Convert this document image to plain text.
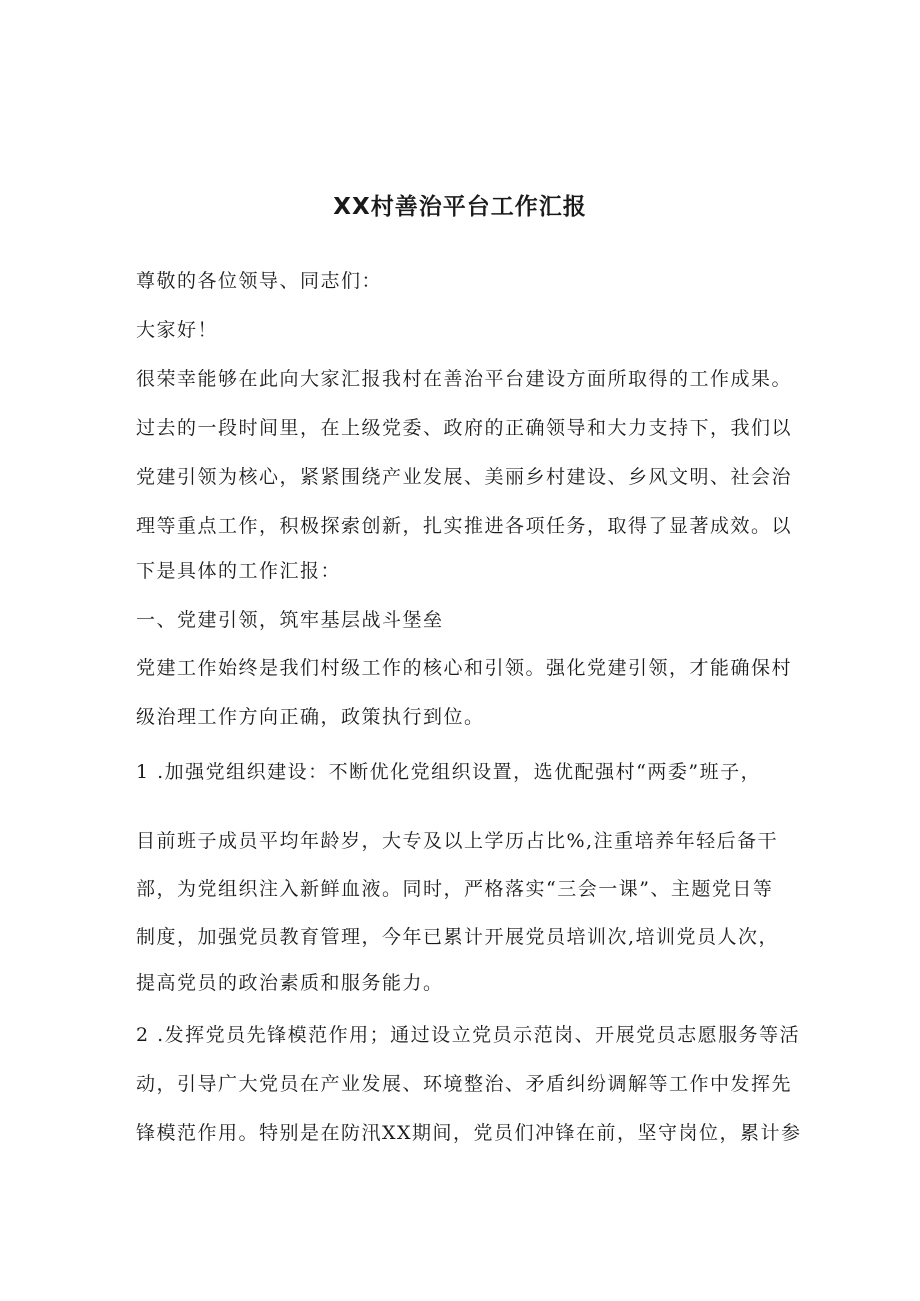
XX村善治平台工作汇报
尊敬的各位领导、同志们：
大家好！
很荣幸能够在此向大家汇报我村在善治平台建设方面所取得的工作成果。
过去的一段时间里，在上级党委、政府的正确领导和大力支持下，我们以
党建引领为核心，紧紧围绕产业发展、美丽乡村建设、乡风文明、社会治
理等重点工作，积极探索创新，扎实推进各项任务，取得了显著成效。以
下是具体的工作汇报：
一、党建引领，筑牢基层战斗堡垒
党建工作始终是我们村级工作的核心和引领。强化党建引领，才能确保村
级治理工作方向正确，政策执行到位。
1 .加强党组织建设：不断优化党组织设置，选优配强村“两委”班子，
目前班子成员平均年龄岁，大专及以上学历占比%,注重培养年轻后备干
部，为党组织注入新鲜血液。同时，严格落实“三会一课”、主题党日等
制度，加强党员教育管理，今年已累计开展党员培训次,培训党员人次，
提高党员的政治素质和服务能力。
2 .发挥党员先锋模范作用；通过设立党员示范岗、开展党员志愿服务等活
动，引导广大党员在产业发展、环境整治、矛盾纠纷调解等工作中发挥先
锋模范作用。特别是在防汛XX期间，党员们冲锋在前，坚守岗位，累计参
